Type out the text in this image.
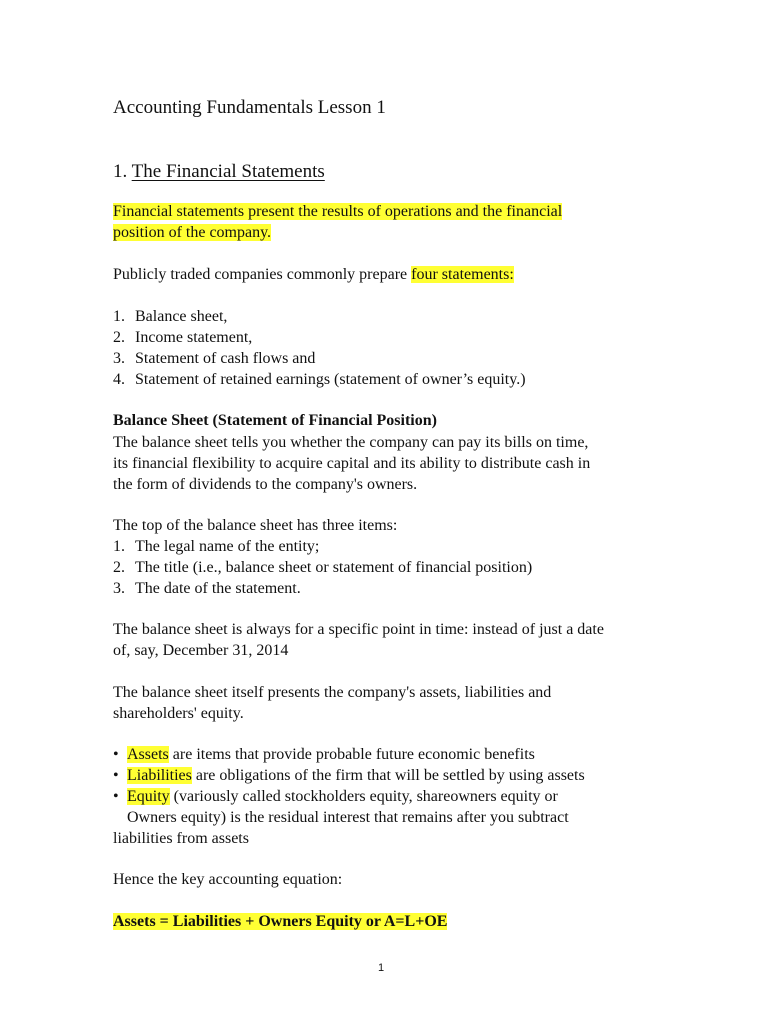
Accounting Fundamentals Lesson 1
1. The Financial Statements
Financial statements present the results of operations and the financial
position of the company.
Publicly traded companies commonly prepare four statements:
1. Balance sheet,
2. Income statement,
3. Statement of cash flows and
4. Statement of retained earnings (statement of owner’s equity.)
Balance Sheet (Statement of Financial Position)
The balance sheet tells you whether the company can pay its bills on time,
its financial flexibility to acquire capital and its ability to distribute cash in
the form of dividends to the company's owners.
The top of the balance sheet has three items:
1. The legal name of the entity;
2. The title (i.e., balance sheet or statement of financial position)
3. The date of the statement.
The balance sheet is always for a specific point in time: instead of just a date
of, say, December 31, 2014
The balance sheet itself presents the company's assets, liabilities and
shareholders' equity.
• Assets are items that provide probable future economic benefits
• Liabilities are obligations of the firm that will be settled by using assets
• Equity (variously called stockholders equity, shareowners equity or
Owners equity) is the residual interest that remains after you subtract
liabilities from assets
Hence the key accounting equation:
Assets = Liabilities + Owners Equity or A=L+OE
1
